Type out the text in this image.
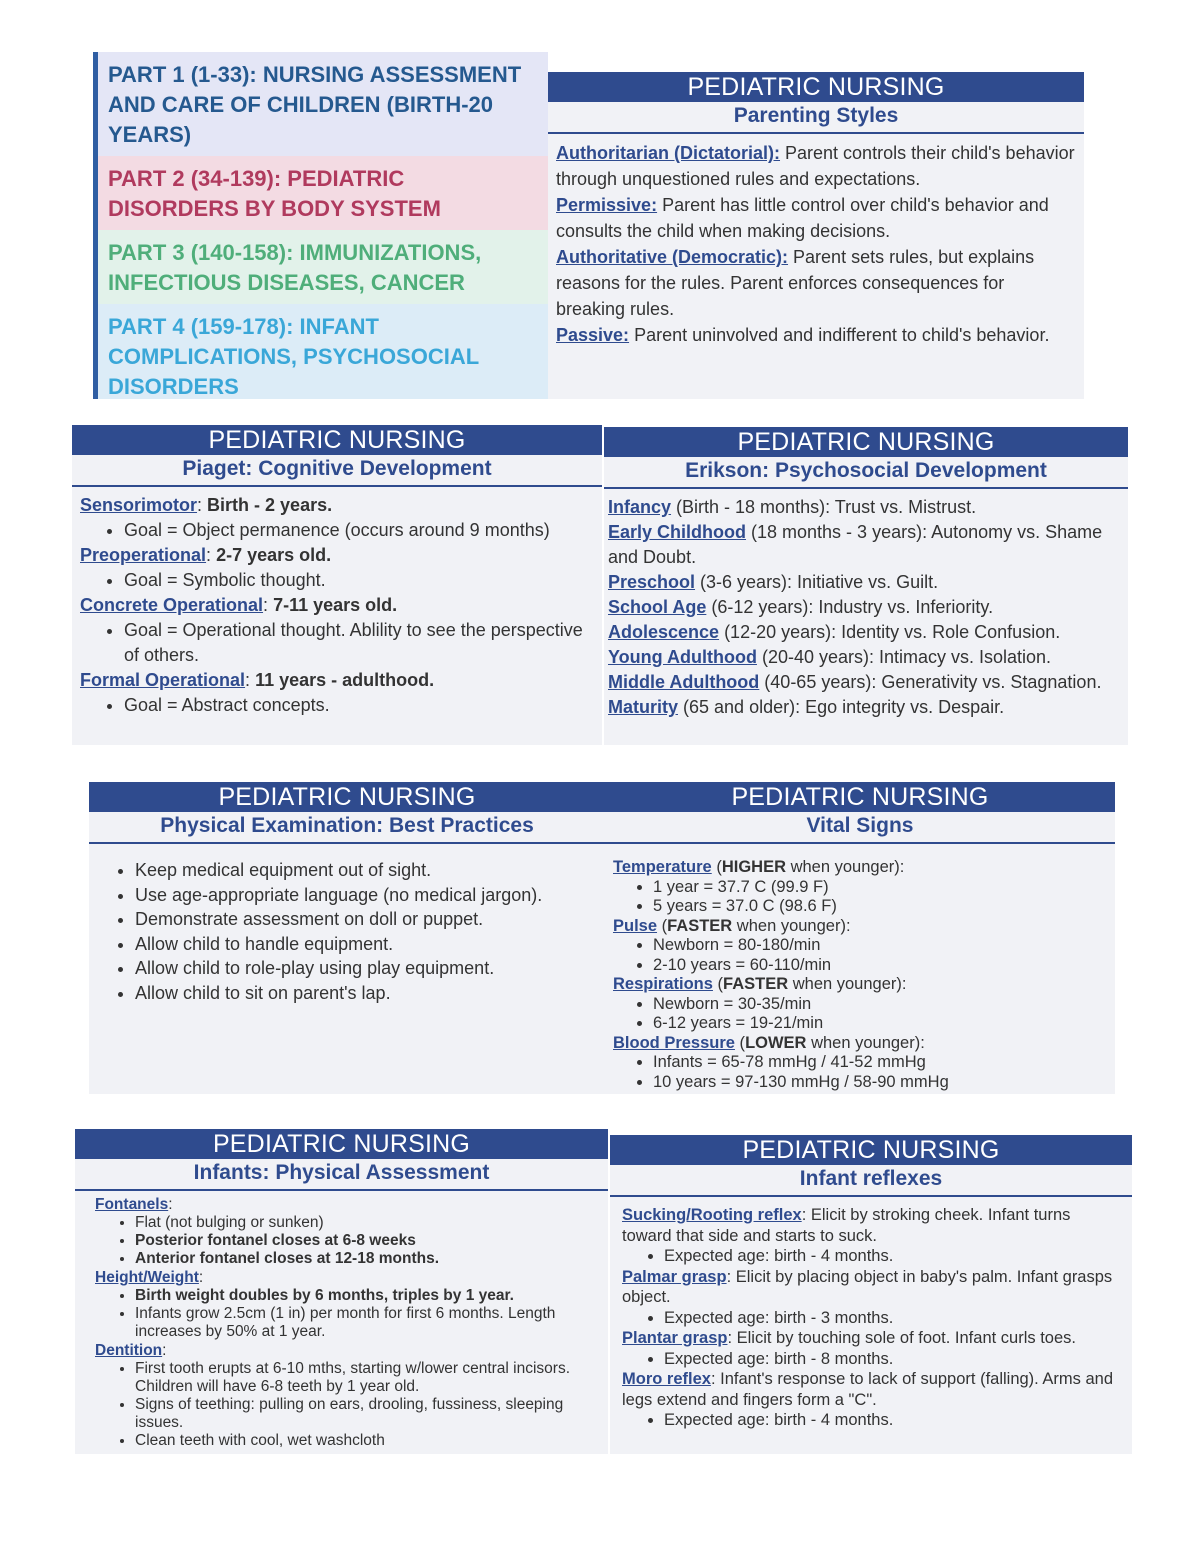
PART 1 (1-33): NURSING ASSESSMENT AND CARE OF CHILDREN (BIRTH-20 YEARS)
PART 2 (34-139): PEDIATRIC DISORDERS BY BODY SYSTEM
PART 3 (140-158): IMMUNIZATIONS, INFECTIOUS DISEASES, CANCER
PART 4 (159-178): INFANT COMPLICATIONS, PSYCHOSOCIAL DISORDERS
PEDIATRIC NURSING
Parenting Styles

Authoritarian (Dictatorial): Parent controls their child's behavior through unquestioned rules and expectations.

Permissive: Parent has little control over child's behavior and consults the child when making decisions.

Authoritative (Democratic): Parent sets rules, but explains reasons for the rules. Parent enforces consequences for breaking rules.

Passive: Parent uninvolved and indifferent to child's behavior.

PEDIATRIC NURSING
Piaget: Cognitive Development

Sensorimotor: Birth - 2 years.

• Goal = Object permanence (occurs around 9 months)

Preoperational: 2-7 years old.

• Goal = Symbolic thought.

Concrete Operational: 7-11 years old.

• Goal = Operational thought. Ablility to see the perspective of others.

Formal Operational: 11 years - adulthood.

• Goal = Abstract concepts.
PEDIATRIC NURSING
Erikson: Psychosocial Development

Infancy (Birth - 18 months): Trust vs. Mistrust.

Early Childhood (18 months - 3 years): Autonomy vs. Shame and Doubt.

Preschool (3-6 years): Initiative vs. Guilt.

School Age (6-12 years): Industry vs. Inferiority.

Adolescence (12-20 years): Identity vs. Role Confusion.

Young Adulthood (20-40 years): Intimacy vs. Isolation.

Middle Adulthood (40-65 years): Generativity vs. Stagnation.

Maturity (65 and older): Ego integrity vs. Despair.

PEDIATRIC NURSING
Physical Examination: Best Practices
• Keep medical equipment out of sight.
• Use age-appropriate language (no medical jargon).
• Demonstrate assessment on doll or puppet.
• Allow child to handle equipment.
• Allow child to role-play using play equipment.
• Allow child to sit on parent's lap.
PEDIATRIC NURSING
Vital Signs

Temperature (HIGHER when younger):

• 1 year = 37.7 C (99.9 F)
• 5 years = 37.0 C (98.6 F)

Pulse (FASTER when younger):

• Newborn = 80-180/min
• 2-10 years = 60-110/min

Respirations (FASTER when younger):

• Newborn = 30-35/min
• 6-12 years = 19-21/min

Blood Pressure (LOWER when younger):

• Infants = 65-78 mmHg / 41-52 mmHg
• 10 years = 97-130 mmHg / 58-90 mmHg
PEDIATRIC NURSING
Infants: Physical Assessment

Fontanels:

• Flat (not bulging or sunken)
• Posterior fontanel closes at 6-8 weeks
• Anterior fontanel closes at 12-18 months.

Height/Weight:

• Birth weight doubles by 6 months, triples by 1 year.
• Infants grow 2.5cm (1 in) per month for first 6 months. Length increases by 50% at 1 year.

Dentition:

• First tooth erupts at 6-10 mths, starting w/lower central incisors. Children will have 6-8 teeth by 1 year old.
• Signs of teething: pulling on ears, drooling, fussiness, sleeping issues.
• Clean teeth with cool, wet washcloth
PEDIATRIC NURSING
Infant reflexes

Sucking/Rooting reflex: Elicit by stroking cheek. Infant turns toward that side and starts to suck.

• Expected age: birth - 4 months.

Palmar grasp: Elicit by placing object in baby's palm. Infant grasps object.

• Expected age: birth - 3 months.

Plantar grasp: Elicit by touching sole of foot. Infant curls toes.

• Expected age: birth - 8 months.

Moro reflex: Infant's response to lack of support (falling). Arms and legs extend and fingers form a "C".

• Expected age: birth - 4 months.
